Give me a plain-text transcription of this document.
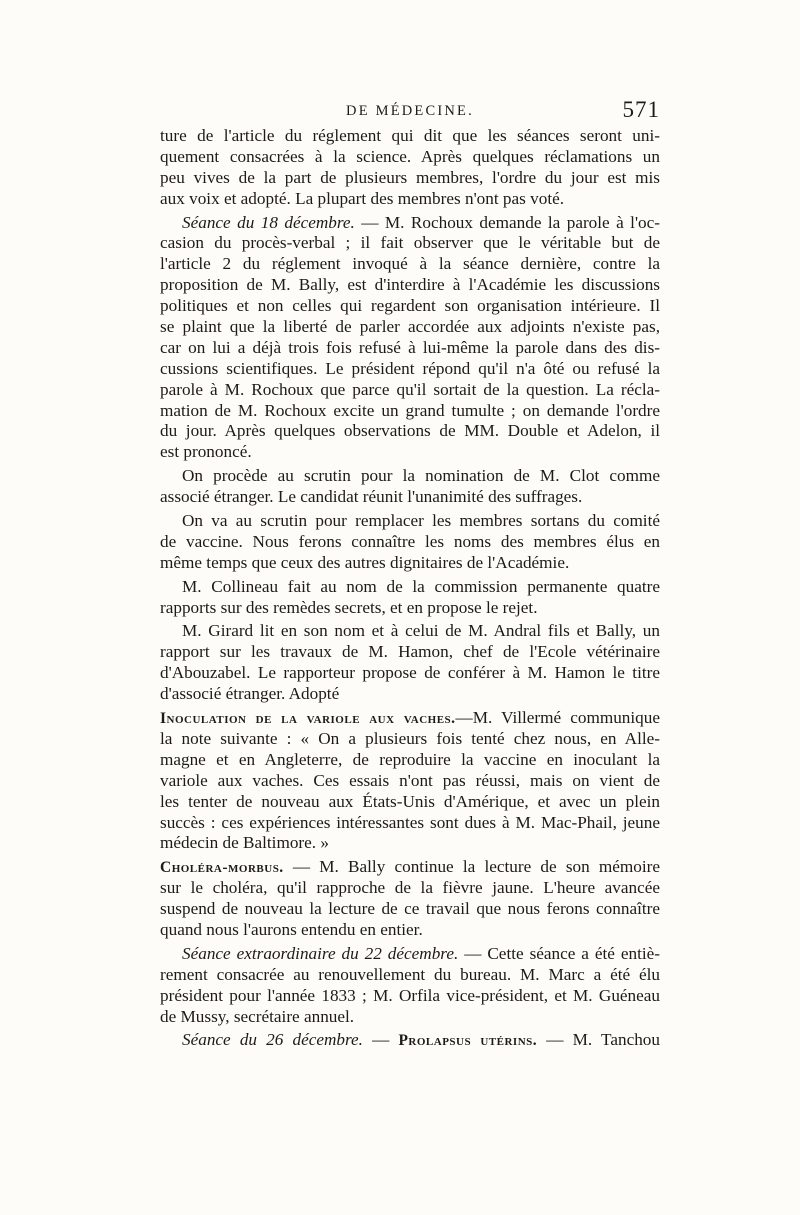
DE MÉDECINE.	571
ture de l'article du réglement qui dit que les séances seront uni-
quement consacrées à la science. Après quelques réclamations un
peu vives de la part de plusieurs membres, l'ordre du jour est mis
aux voix et adopté. La plupart des membres n'ont pas voté.
Séance du 18 décembre. — M. Rochoux demande la parole à l'oc-
casion du procès-verbal ; il fait observer que le véritable but de
l'article 2 du réglement invoqué à la séance dernière, contre la
proposition de M. Bally, est d'interdire à l'Académie les discussions
politiques et non celles qui regardent son organisation intérieure. Il
se plaint que la liberté de parler accordée aux adjoints n'existe pas,
car on lui a déjà trois fois refusé à lui-même la parole dans des dis-
cussions scientifiques. Le président répond qu'il n'a ôté ou refusé la
parole à M. Rochoux que parce qu'il sortait de la question. La récla-
mation de M. Rochoux excite un grand tumulte ; on demande l'ordre
du jour. Après quelques observations de MM. Double et Adelon, il
est prononcé.
On procède au scrutin pour la nomination de M. Clot comme
associé étranger. Le candidat réunit l'unanimité des suffrages.
On va au scrutin pour remplacer les membres sortans du comité
de vaccine. Nous ferons connaître les noms des membres élus en
même temps que ceux des autres dignitaires de l'Académie.
M. Collineau fait au nom de la commission permanente quatre
rapports sur des remèdes secrets, et en propose le rejet.
M. Girard lit en son nom et à celui de M. Andral fils et Bally, un
rapport sur les travaux de M. Hamon, chef de l'Ecole vétérinaire
d'Abouzabel. Le rapporteur propose de conférer à M. Hamon le titre
d'associé étranger. Adopté
Inoculation de la variole aux vaches.—M. Villermé communique
la note suivante : « On a plusieurs fois tenté chez nous, en Alle-
magne et en Angleterre, de reproduire la vaccine en inoculant la
variole aux vaches. Ces essais n'ont pas réussi, mais on vient de
les tenter de nouveau aux États-Unis d'Amérique, et avec un plein
succès : ces expériences intéressantes sont dues à M. Mac-Phail, jeune
médecin de Baltimore. »
Choléra-morbus. — M. Bally continue la lecture de son mémoire
sur le choléra, qu'il rapproche de la fièvre jaune. L'heure avancée
suspend de nouveau la lecture de ce travail que nous ferons connaître
quand nous l'aurons entendu en entier.
Séance extraordinaire du 22 décembre. — Cette séance a été entiè-
rement consacrée au renouvellement du bureau. M. Marc a été élu
président pour l'année 1833 ; M. Orfila vice-président, et M. Guéneau
de Mussy, secrétaire annuel.
Séance du 26 décembre. — Prolapsus utérins. — M. Tanchou
